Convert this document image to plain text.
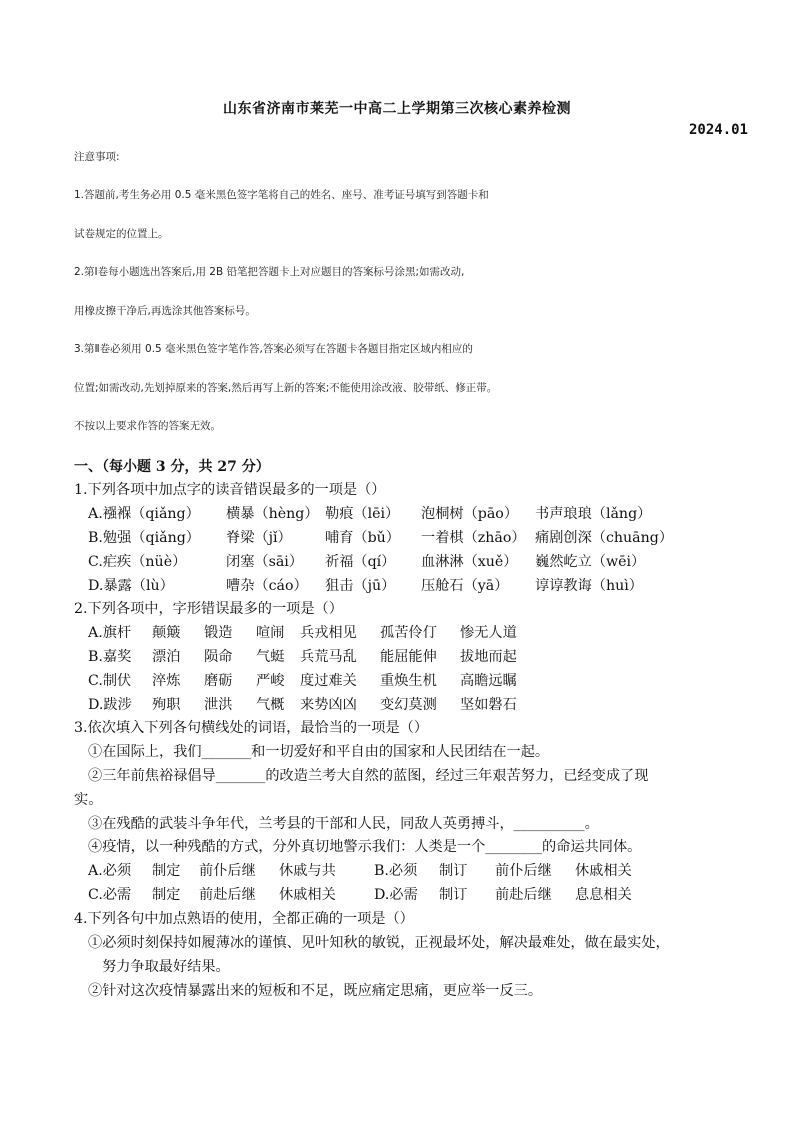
山东省济南市莱芜一中高二上学期第三次核心素养检测
2024.01
注意事项:
1.答题前,考生务必用 0.5 毫米黑色签字笔将自己的姓名、座号、准考证号填写到答题卡和
试卷规定的位置上。
2.第Ⅰ卷每小题选出答案后,用 2B 铅笔把答题卡上对应题目的答案标号涂黑;如需改动,
用橡皮擦干净后,再选涂其他答案标号。
3.第Ⅱ卷必须用 0.5 毫米黑色签字笔作答,答案必须写在答题卡各题目指定区域内相应的
位置;如需改动,先划掉原来的答案,然后再写上新的答案;不能使用涂改液、胶带纸、修正带。
不按以上要求作答的答案无效。
一、（每小题 3 分，共 27 分）
1.下列各项中加点字的读音错误最多的一项是（）
A.襁褓（qiǎng） 横暴（hèng） 勒痕（lēi） 泡桐树（pāo） 书声琅琅（lǎng）
B.勉强（qiǎng） 脊梁（jǐ） 哺育（bǔ） 一着棋（zhāo） 痛剧创深（chuāng）
C.疟疾（nüè）	闭塞（sāi） 祈福（qí） 血淋淋（xuě） 巍然屹立（wēi）
D.暴露（lù）	嘈杂（cáo） 狙击（jū） 压舱石（yā） 谆谆教诲（huì）
2.下列各项中，字形错误最多的一项是（）
A.旗杆 颠簸 锻造 喧闹 兵戎相见 孤苦伶仃 惨无人道
B.嘉奖 漂泊 陨命 气蜓 兵荒马乱 能屈能伸 拔地而起
C.制伏 淬炼 磨砺 严峻 度过难关 重焕生机 高瞻远瞩
D.跋涉 殉职 泄洪 气概 来势凶凶 变幻莫测 坚如磐石
3.依次填入下列各句横线处的词语，最恰当的一项是（）
①在国际上，我们_______和一切爱好和平自由的国家和人民团结在一起。
②三年前焦裕禄倡导_______的改造兰考大自然的蓝图，经过三年艰苦努力，已经变成了现
实。
③在残酷的武装斗争年代，兰考县的干部和人民，同敌人英勇搏斗，__________。
④疫情，以一种残酷的方式，分外真切地警示我们：人类是一个________的命运共同体。
A.必须 制定 前仆后继 休戚与共	B.必须 制订 前仆后继 休戚相关
C.必需 制定 前赴后继 休戚相关	D.必需 制订 前赴后继 息息相关
4.下列各句中加点熟语的使用，全都正确的一项是（）
①必须时刻保持如履薄冰的谨慎、见叶知秋的敏锐，正视最坏处，解决最难处，做在最实处，
努力争取最好结果。
②针对这次疫情暴露出来的短板和不足，既应痛定思痛，更应举一反三。
